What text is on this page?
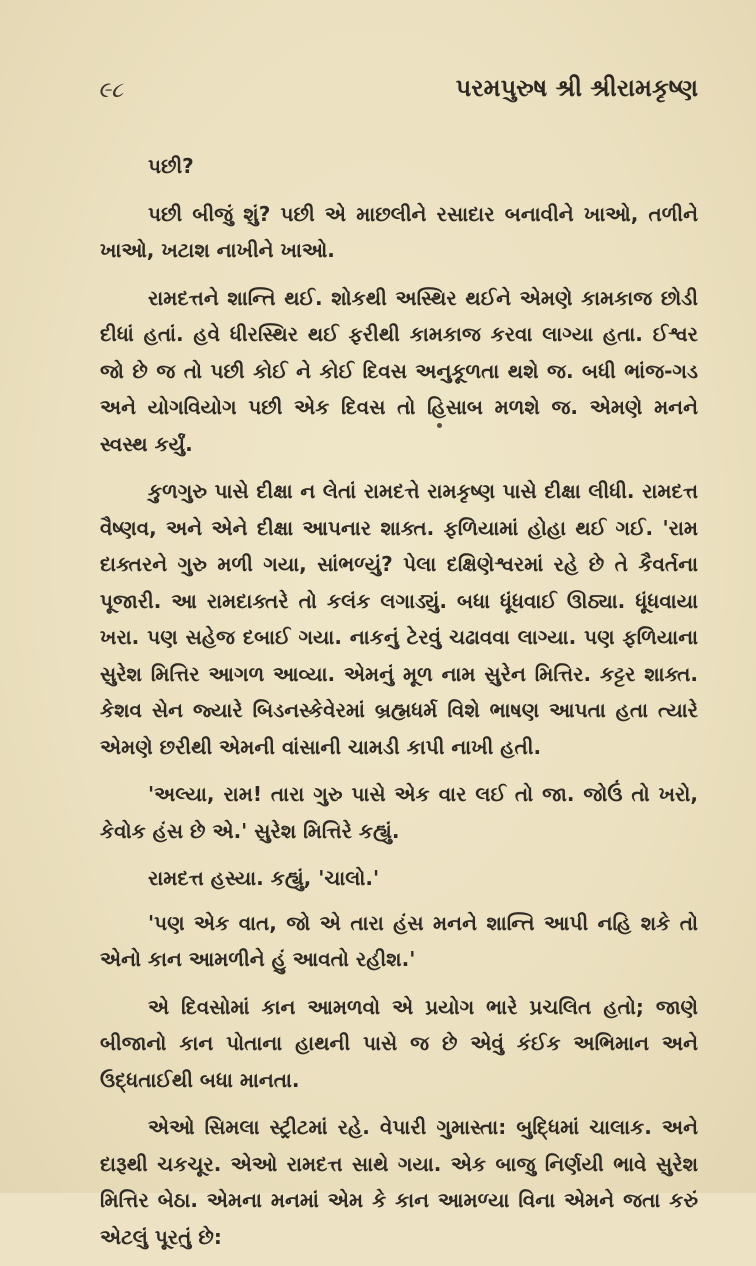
૯૮	પરમપુરુષ શ્રી શ્રીરામકૃષ્ણ

પછી?

પછી બીજું શું? પછી એ માછલીને રસાદાર બનાવીને ખાઓ, તળીને ખાઓ, ખટાશ નાખીને ખાઓ.

રામદત્તને શાન્તિ થઈ. શોકથી અસ્થિર થઈને એમણે કામકાજ છોડી દીધાં હતાં. હવે ધીરસ્થિર થઈ ફરીથી કામકાજ કરવા લાગ્યા હતા. ઈશ્વર જો છે જ તો પછી કોઈ ને કોઈ દિવસ અનુકૂળતા થશે જ. બધી ભાંજ-ગડ અને યોગવિયોગ પછી એક દિવસ તો હિસાબ મળશે જ. એમણે મનને સ્વસ્થ કર્યું.

કુળગુરુ પાસે દીક્ષા ન લેતાં રામદત્તે રામકૃષ્ણ પાસે દીક્ષા લીધી. રામદત્ત વૈષ્ણવ, અને એને દીક્ષા આપનાર શાક્ત. ફળિયામાં હોહા થઈ ગઈ. 'રામ દાક્તરને ગુરુ મળી ગયા, સાંભળ્યું? પેલા દક્ષિણેશ્વરમાં રહે છે તે કૈવર્તના પૂજારી. આ રામદાક્તરે તો કલંક લગાડ્યું. બધા ધૂંધવાઈ ઊઠ્યા. ધૂંધવાયા ખરા. પણ સહેજ દબાઈ ગયા. નાકનું ટેરવું ચઢાવવા લાગ્યા. પણ ફળિયાના સુરેશ મિત્તિર આગળ આવ્યા. એમનું મૂળ નામ સુરેન મિત્તિર. કટ્ટર શાક્ત. કેશવ સેન જ્યારે બિડનસ્કેવેરમાં બ્રહ્મધર્મ વિશે ભાષણ આપતા હતા ત્યારે એમણે છરીથી એમની વાંસાની ચામડી કાપી નાખી હતી.

'અલ્યા, રામ! તારા ગુરુ પાસે એક વાર લઈ તો જા. જોઉં તો ખરો, કેવોક હંસ છે એ.' સુરેશ મિત્તિરે કહ્યું.

રામદત્ત હસ્યા. કહ્યું, 'ચાલો.'

'પણ એક વાત, જો એ તારા હંસ મનને શાન્તિ આપી નહિ શકે તો એનો કાન આમળીને હું આવતો રહીશ.'

એ દિવસોમાં કાન આમળવો એ પ્રયોગ ભારે પ્રચલિત હતો; જાણે બીજાનો કાન પોતાના હાથની પાસે જ છે એવું કંઈક અભિમાન અને ઉદ્ધતાઈથી બધા માનતા.

એઓ સિમલા સ્ટ્રીટમાં રહે. વેપારી ગુમાસ્તા: બુદ્ધિમાં ચાલાક. અને દારૂથી ચકચૂર. એઓ રામદત્ત સાથે ગયા. એક બાજુ નિર્ણયી ભાવે સુરેશ મિત્તિર બેઠા. એમના મનમાં એમ કે કાન આમળ્યા વિના એમને જતા કરું એટલું પૂરતું છે:
